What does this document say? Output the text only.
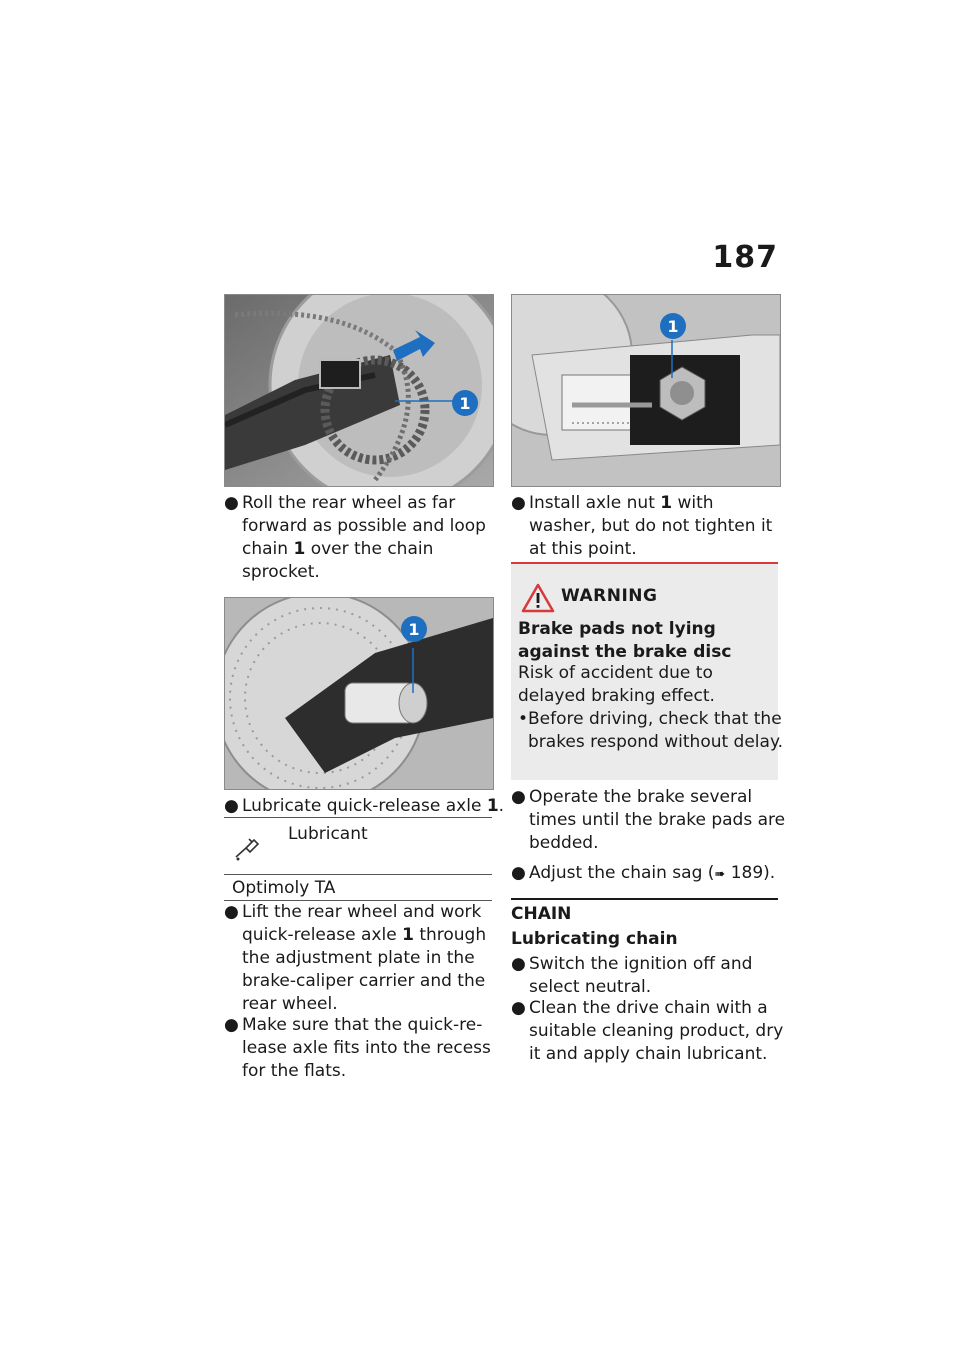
187
1
● Roll the rear wheel as far forward as possible and loop chain 1 over the chain sprocket.
1
● Lubricate quick-release axle 1.
Lubricant
Optimoly TA
● Lift the rear wheel and work quick-release axle 1 through the adjustment plate in the brake-caliper carrier and the rear wheel.
● Make sure that the quick-re-lease axle fits into the recess for the flats.
1
● Install axle nut 1 with washer, but do not tighten it at this point.
WARNING
Brake pads not lying against the brake disc
Risk of accident due to delayed braking effect.
• Before driving, check that the brakes respond without delay.
● Operate the brake several times until the brake pads are bedded.
● Adjust the chain sag (➠ 189).
CHAIN
Lubricating chain
● Switch the ignition off and select neutral.
● Clean the drive chain with a suitable cleaning product, dry it and apply chain lubricant.
